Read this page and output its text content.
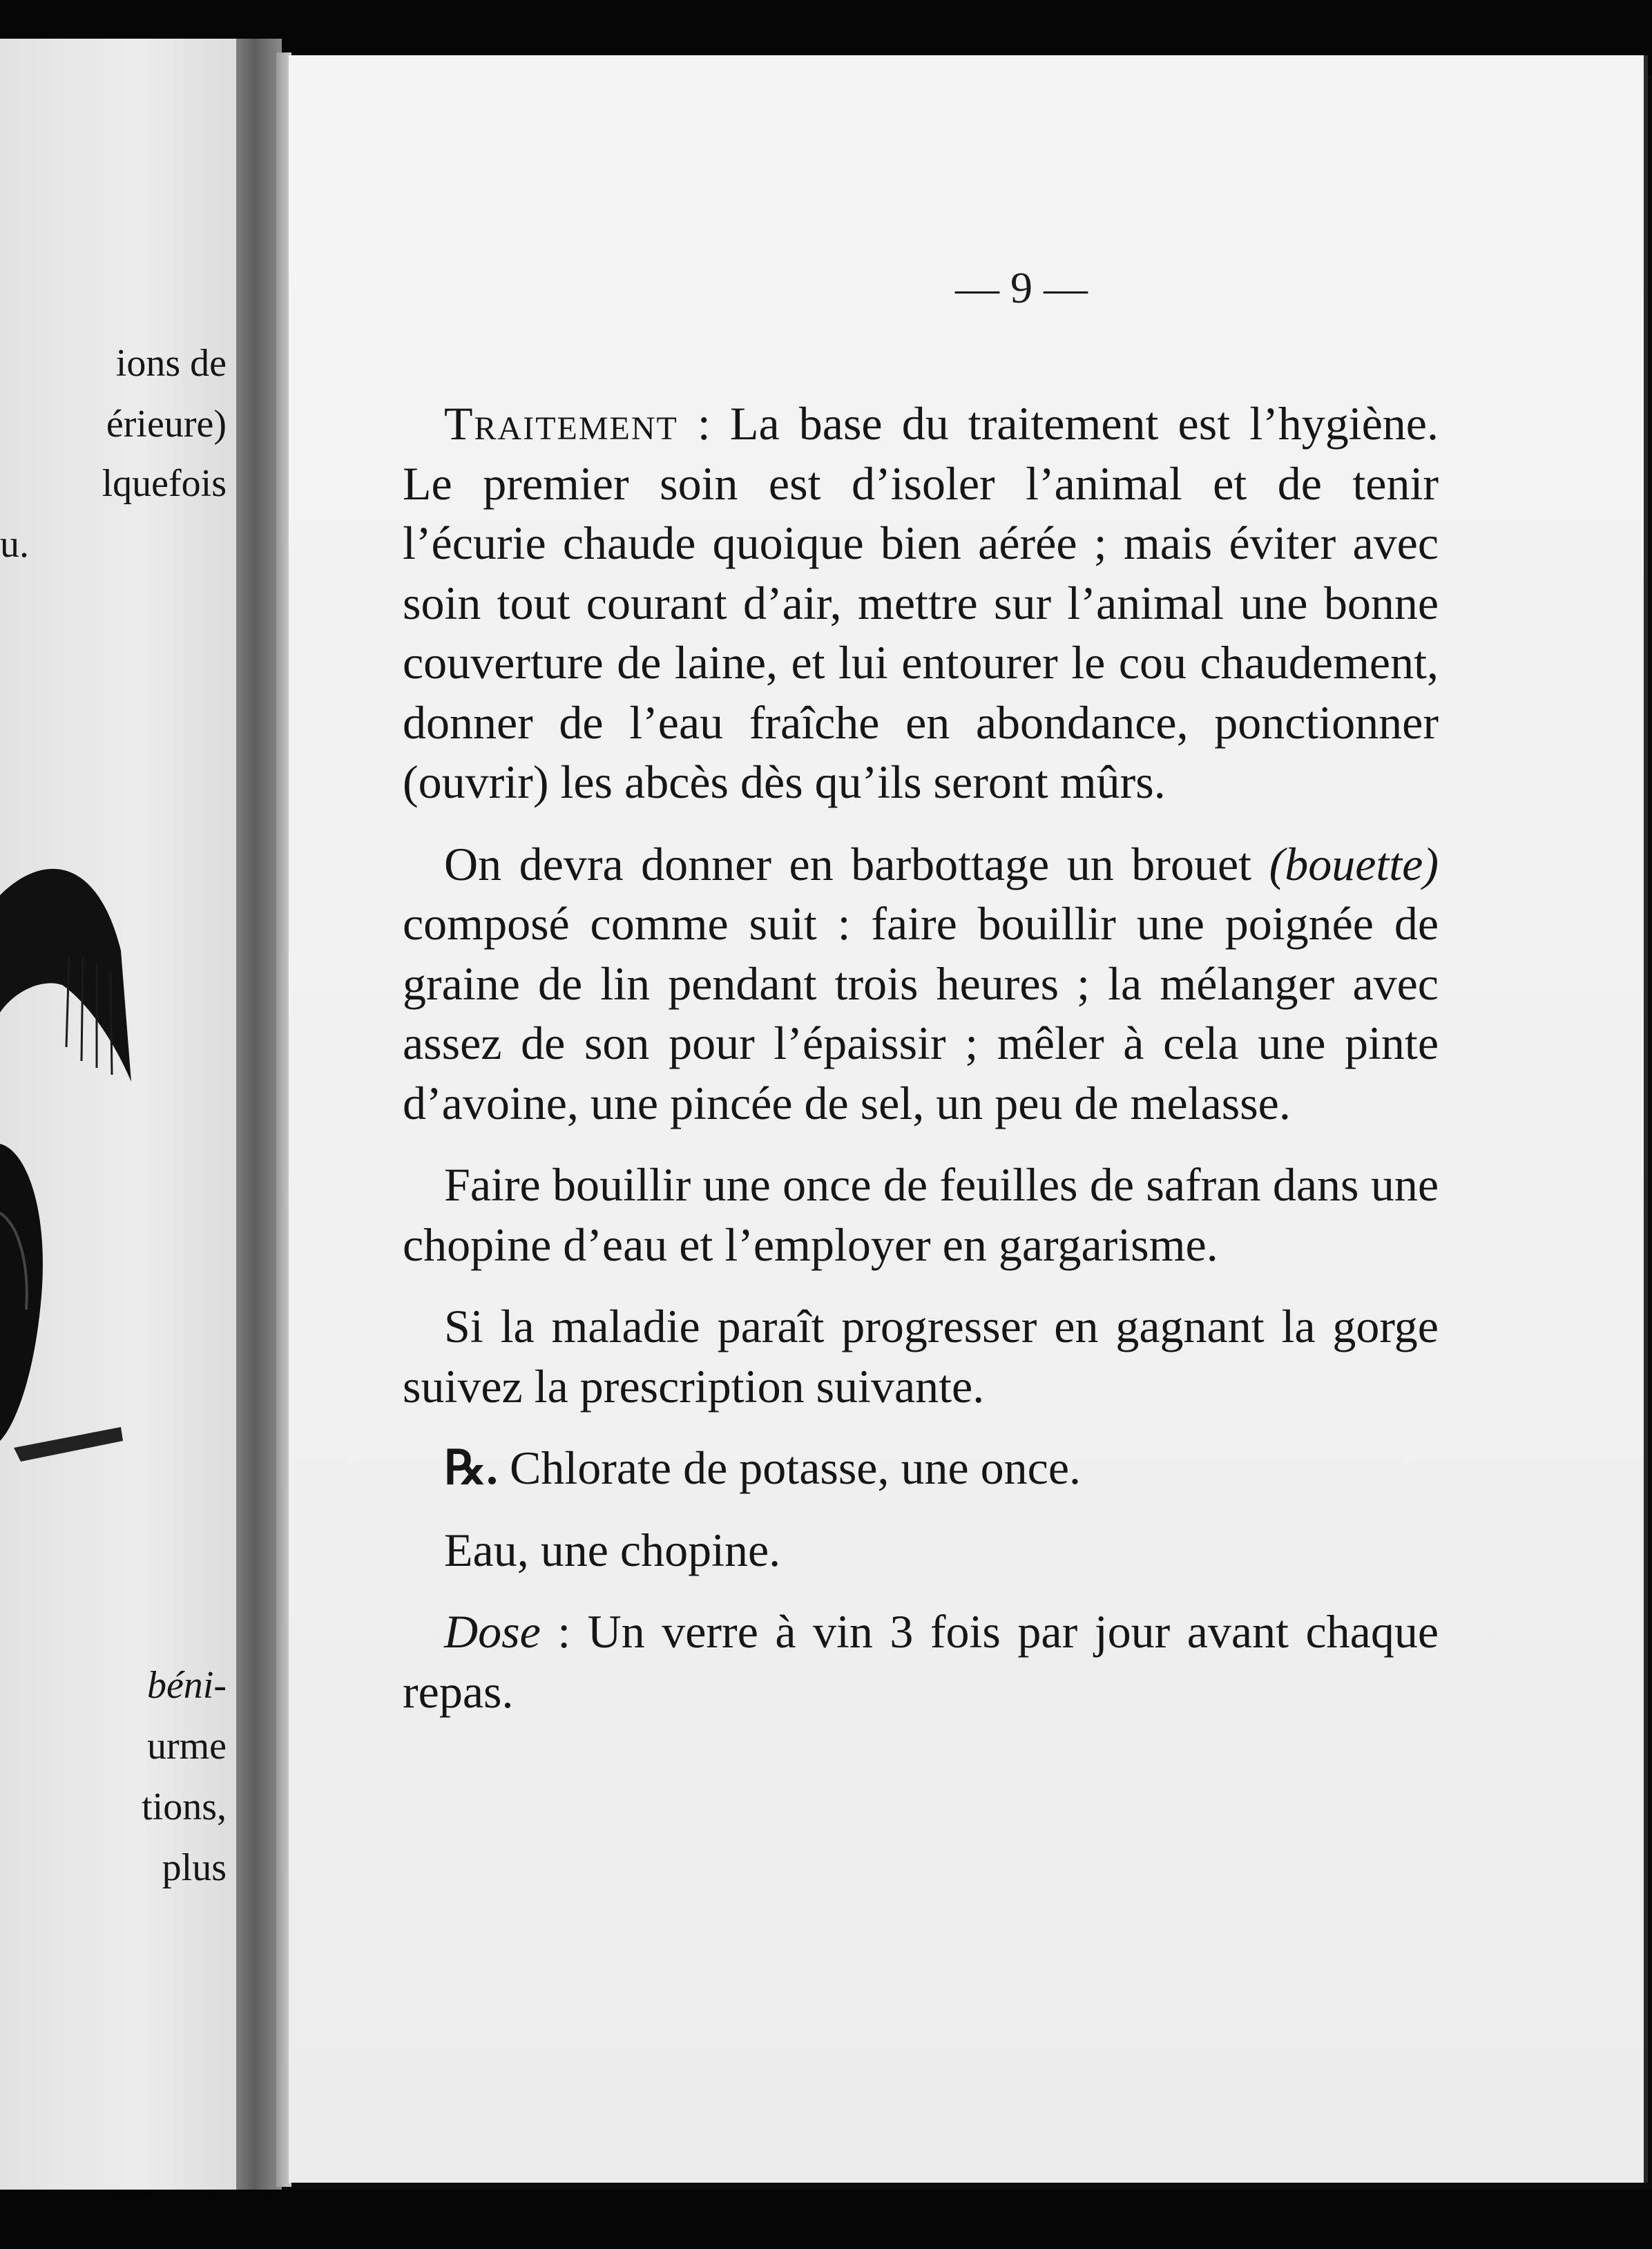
ions de
érieure)
lquefois
u.
béni-
urme
tions,
plus
— 9 —

Traitement : La base du traitement est l’hygiène. Le premier soin est d’isoler l’animal et de tenir l’écurie chaude quoique bien aérée ; mais éviter avec soin tout courant d’air, mettre sur l’animal une bonne couverture de laine, et lui entourer le cou chaudement, donner de l’eau fraîche en abondance, ponctionner (ouvrir) les abcès dès qu’ils seront mûrs.

On devra donner en barbottage un brouet (bouette) composé comme suit : faire bouillir une poignée de graine de lin pendant trois heures ; la mélanger avec assez de son pour l’épaissir ; mêler à cela une pinte d’avoine, une pincée de sel, un peu de melasse.

Faire bouillir une once de feuilles de safran dans une chopine d’eau et l’employer en gargarisme.

Si la maladie paraît progresser en gagnant la gorge suivez la prescription suivante.

℞. Chlorate de potasse, une once.

Eau, une chopine.

Dose : Un verre à vin 3 fois par jour avant chaque repas.
